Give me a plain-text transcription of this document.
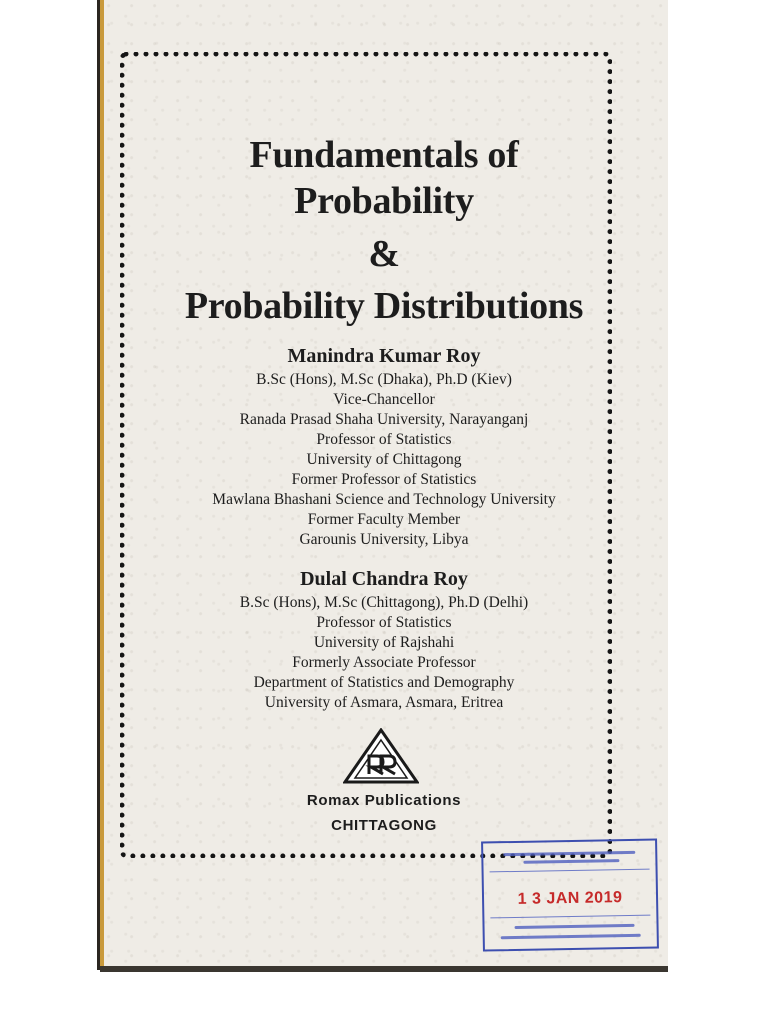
Fundamentals of
Probability
&
Probability Distributions
Manindra Kumar Roy
B.Sc (Hons), M.Sc (Dhaka), Ph.D (Kiev)
Vice-Chancellor
Ranada Prasad Shaha University, Narayanganj
Professor of Statistics
University of Chittagong
Former Professor of Statistics
Mawlana Bhashani Science and Technology University
Former Faculty Member
Garounis University, Libya
Dulal Chandra Roy
B.Sc (Hons), M.Sc (Chittagong), Ph.D (Delhi)
Professor of Statistics
University of Rajshahi
Formerly Associate Professor
Department of Statistics and Demography
University of Asmara, Asmara, Eritrea
Romax Publications
CHITTAGONG
1 3 JAN 2019
